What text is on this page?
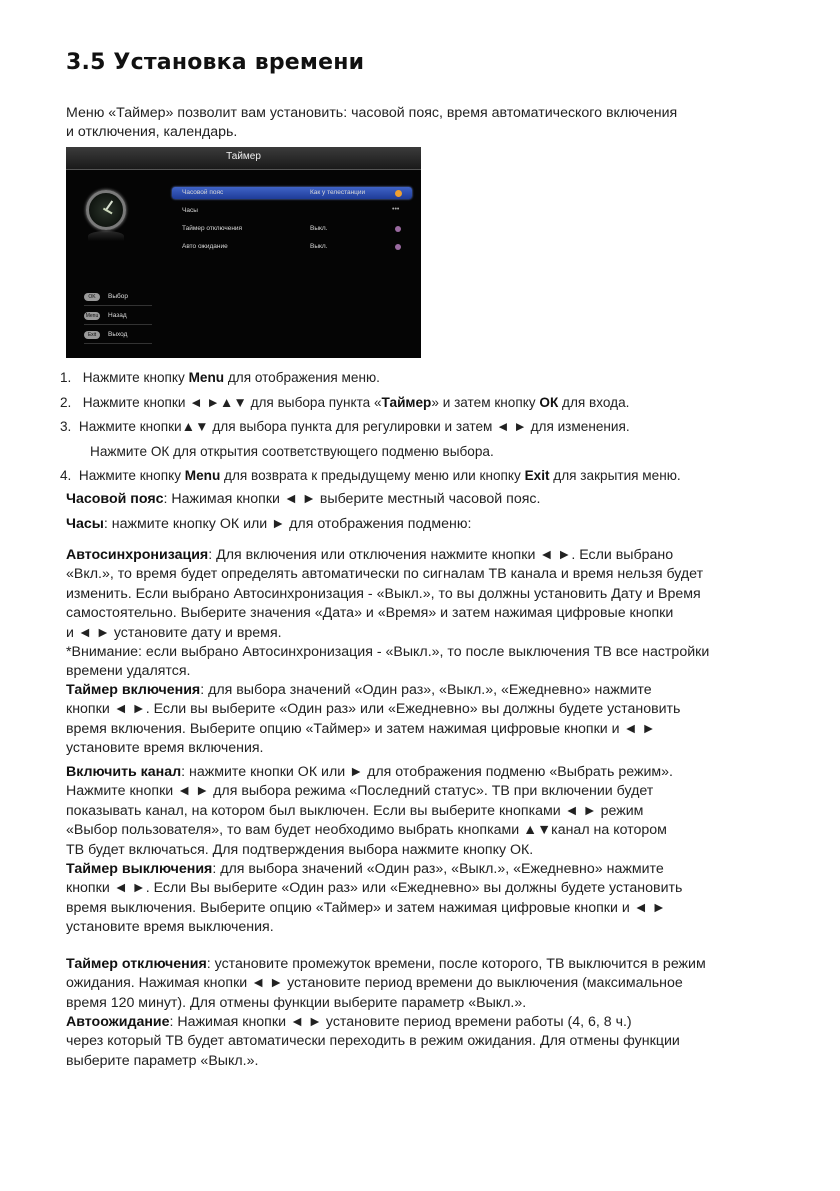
3.5 Установка времени
Меню «Таймер» позволит вам установить: часовой пояс, время автоматического включения
и отключения, календарь.
Таймер
Часовой пояс	Как у телестанции
Часы	•••
Таймер отключения	Выкл.
Авто ожидание	Выкл.
OK	Выбор
Menu Назад
Exit	Выход
1. Нажмите кнопку Menu для отображения меню.
2. Нажмите кнопки ◄ ►▲▼ для выбора пункта «Таймер» и затем кнопку ОК для входа.
3. Нажмите кнопки▲▼ для выбора пункта для регулировки и затем ◄ ► для изменения.
Нажмите ОК для открытия соответствующего подменю выбора.
4. Нажмите кнопку Menu для возврата к предыдущему меню или кнопку Exit для закрытия меню.
Часовой пояс: Нажимая кнопки ◄ ► выберите местный часовой пояс.
Часы: нажмите кнопку ОК или ► для отображения подменю:
Автосинхронизация: Для включения или отключения нажмите кнопки ◄ ►. Если выбрано
«Вкл.», то время будет определять автоматически по сигналам ТВ канала и время нельзя будет
изменить. Если выбрано Автосинхронизация - «Выкл.», то вы должны установить Дату и Время
самостоятельно. Выберите значения «Дата» и «Время» и затем нажимая цифровые кнопки
и ◄ ► установите дату и время.
*Внимание: если выбрано Автосинхронизация - «Выкл.», то после выключения ТВ все настройки
времени удалятся.
Таймер включения: для выбора значений «Один раз», «Выкл.», «Ежедневно» нажмите
кнопки ◄ ►. Если вы выберите «Один раз» или «Ежедневно» вы должны будете установить
время включения. Выберите опцию «Таймер» и затем нажимая цифровые кнопки и ◄ ►
установите время включения.
Включить канал: нажмите кнопки ОК или ► для отображения подменю «Выбрать режим».
Нажмите кнопки ◄ ► для выбора режима «Последний статус». ТВ при включении будет
показывать канал, на котором был выключен. Если вы выберите кнопками ◄ ► режим
«Выбор пользователя», то вам будет необходимо выбрать кнопками ▲▼канал на котором
ТВ будет включаться. Для подтверждения выбора нажмите кнопку ОК.
Таймер выключения: для выбора значений «Один раз», «Выкл.», «Ежедневно» нажмите
кнопки ◄ ►. Если Вы выберите «Один раз» или «Ежедневно» вы должны будете установить
время выключения. Выберите опцию «Таймер» и затем нажимая цифровые кнопки и ◄ ►
установите время выключения.
Таймер отключения: установите промежуток времени, после которого, ТВ выключится в режим
ожидания. Нажимая кнопки ◄ ► установите период времени до выключения (максимальное
время 120 минут). Для отмены функции выберите параметр «Выкл.».
Автоожидание: Нажимая кнопки ◄ ► установите период времени работы (4, 6, 8 ч.)
через который ТВ будет автоматически переходить в режим ожидания. Для отмены функции
выберите параметр «Выкл.».
